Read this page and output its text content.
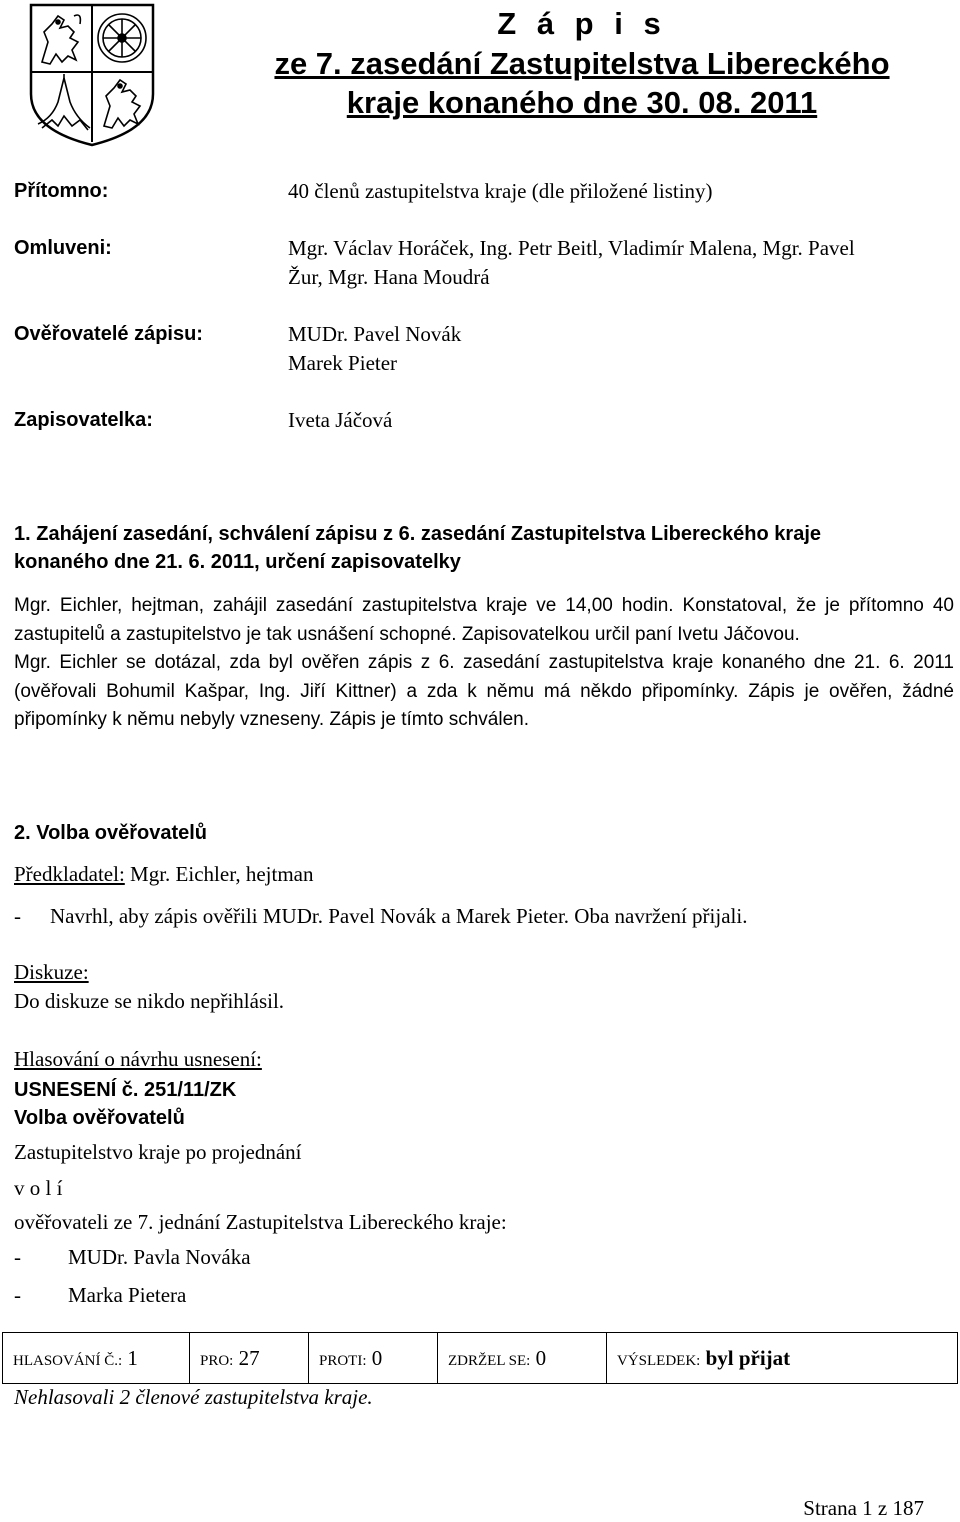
Z á p i s
ze 7. zasedání Zastupitelstva Libereckého
kraje konaného dne 30. 08. 2011
Přítomno:	40 členů zastupitelstva kraje (dle přiložené listiny)
Omluveni:	Mgr. Václav Horáček, Ing. Petr Beitl, Vladimír Malena, Mgr. Pavel
Žur, Mgr. Hana Moudrá
Ověřovatelé zápisu:	MUDr. Pavel Novák
Marek Pieter
Zapisovatelka:	Iveta Jáčová
1. Zahájení zasedání, schválení zápisu z 6. zasedání Zastupitelstva Libereckého kraje
konaného dne 21. 6. 2011, určení zapisovatelky

Mgr. Eichler, hejtman, zahájil zasedání zastupitelstva kraje ve 14,00 hodin. Konstatoval, že je přítomno 40 zastupitelů a zastupitelstvo je tak usnášení schopné. Zapisovatelkou určil paní Ivetu Jáčovou.

Mgr. Eichler se dotázal, zda byl ověřen zápis z 6. zasedání zastupitelstva kraje konaného dne 21. 6. 2011 (ověřovali Bohumil Kašpar, Ing. Jiří Kittner) a zda k němu má někdo připomínky. Zápis je ověřen, žádné připomínky k němu nebyly vzneseny. Zápis je tímto schválen.

2. Volba ověřovatelů
Předkladatel: Mgr. Eichler, hejtman
- Navrhl, aby zápis ověřili MUDr. Pavel Novák a Marek Pieter. Oba navržení přijali.
Diskuze:
Do diskuze se nikdo nepřihlásil.
Hlasování o návrhu usnesení:
USNESENÍ č. 251/11/ZK
Volba ověřovatelů
Zastupitelstvo kraje po projednání
v o l í
ověřovateli ze 7. jednání Zastupitelstva Libereckého kraje:
- MUDr. Pavla Nováka
- Marka Pietera
HLASOVÁNÍ Č.: 1	PRO: 27	PROTI: 0	ZDRŽEL SE: 0	VÝSLEDEK: byl přijat
Nehlasovali 2 členové zastupitelstva kraje.
Strana 1 z 187
